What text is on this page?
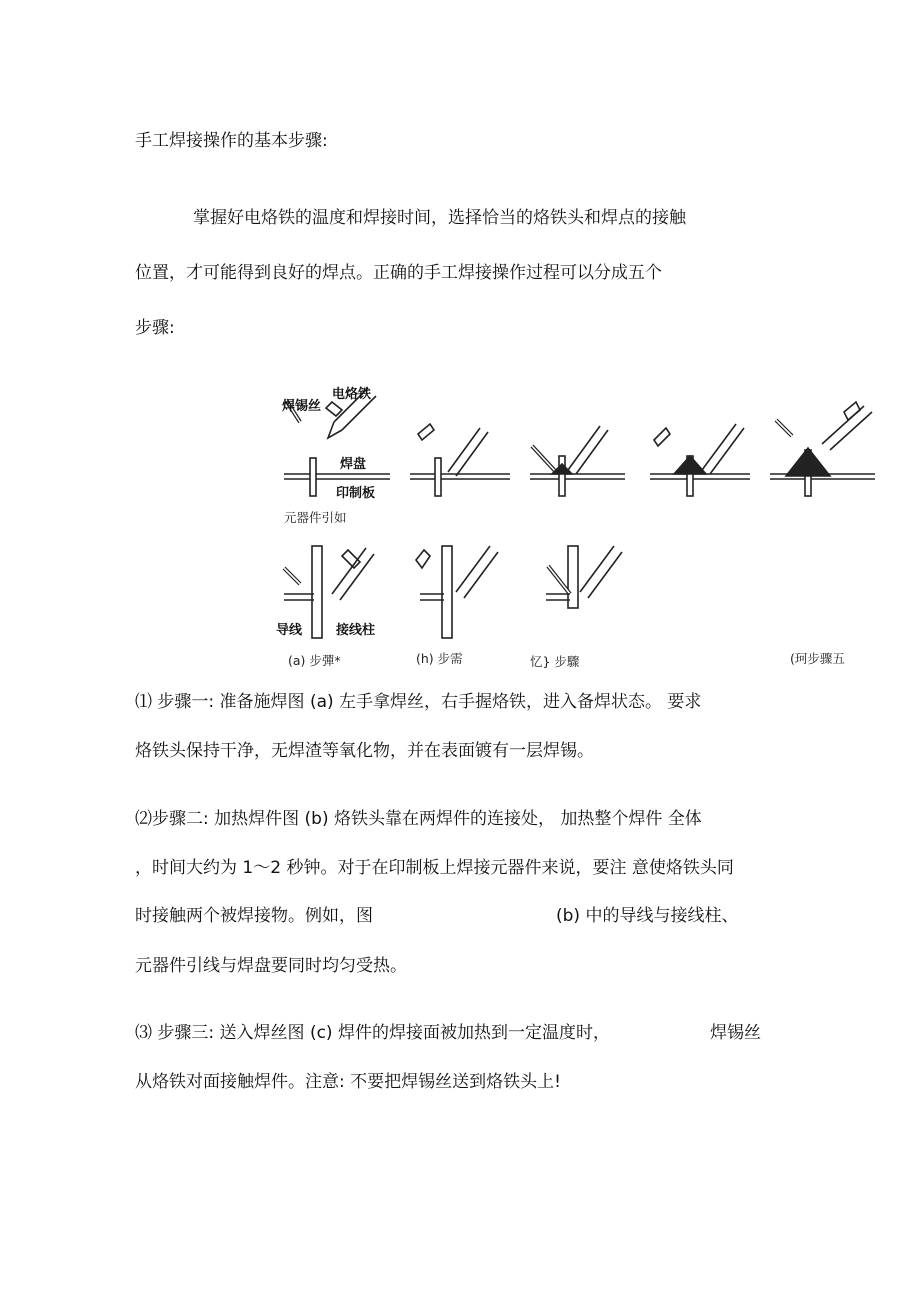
手工焊接操作的基本步骤:
掌握好电烙铁的温度和焊接时间，选择恰当的烙铁头和焊点的接触
位置，才可能得到良好的焊点。正确的手工焊接操作过程可以分成五个
步骤:
焊锡丝
电烙铁
焊盘
印制板
元器件引如
导线	接线柱
(a) 步彈*	(h) 步需	忆} 步驟	(珂步骤五
⑴ 步骤一: 准备施焊图 (a) 左手拿焊丝，右手握烙铁，进入备焊状态。 要求
烙铁头保持干净，无焊渣等氧化物，并在表面镀有一层焊锡。
⑵步骤二: 加热焊件图 (b) 烙铁头靠在两焊件的连接处， 加热整个焊件 全体
，时间大约为 1〜2 秒钟。对于在印制板上焊接元器件来说，要注 意使烙铁头同
时接触两个被焊接物。例如，图	(b) 中的导线与接线柱、
元器件引线与焊盘要同时均匀受热。
⑶ 步骤三: 送入焊丝图 (c) 焊件的焊接面被加热到一定温度时，	焊锡丝
从烙铁对面接触焊件。注意: 不要把焊锡丝送到烙铁头上!
